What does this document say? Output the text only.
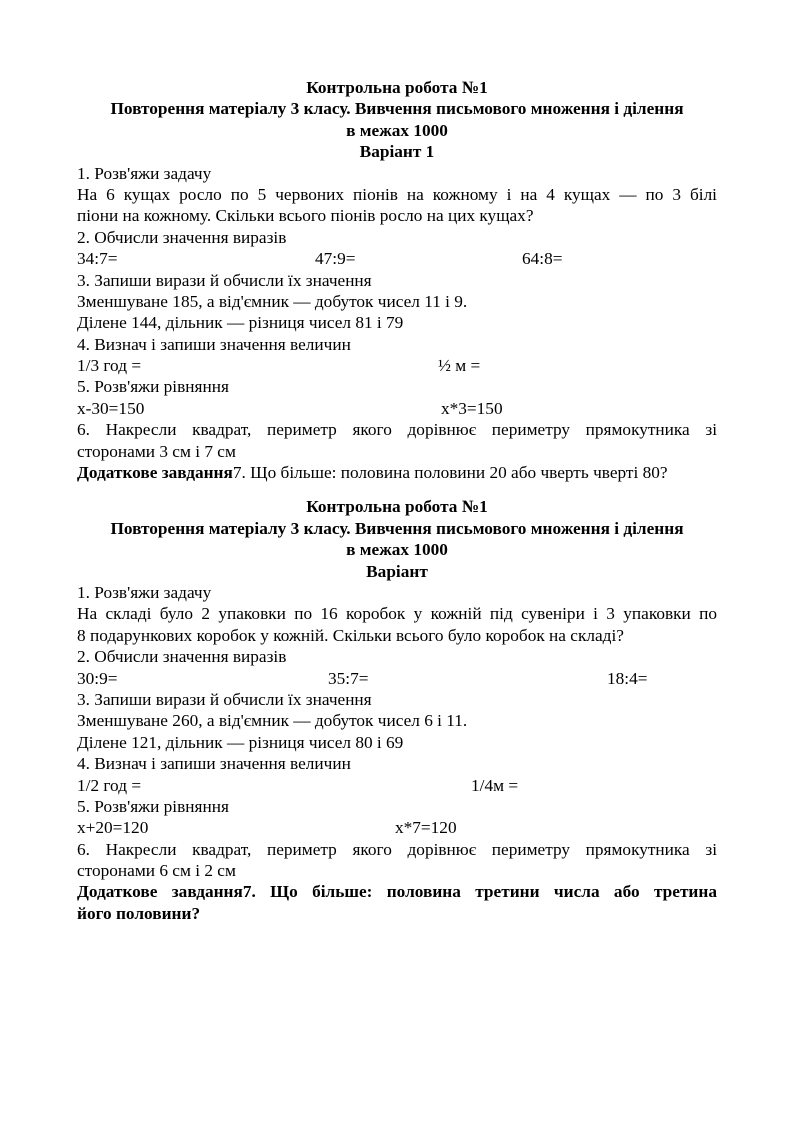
Контрольна робота №1
Повторення матеріалу 3 класу. Вивчення письмового множення і ділення
в межах 1000
Варіант 1
1. Розв'яжи задачу
На 6 кущах росло по 5 червоних піонів на кожному і на 4 кущах — по 3 білі
піони на кожному. Скільки всього піонів росло на цих кущах?
2. Обчисли значення виразів
34:7=	47:9=	64:8=
3. Запиши вирази й обчисли їх значення
Зменшуване 185, а від'ємник — добуток чисел 11 і 9.
Ділене 144, дільник — різниця чисел 81 і 79
4. Визнач і запиши значення величин
1/3 год =	½ м =
5. Розв'яжи рівняння
х-30=150	х*3=150
6. Накресли квадрат, периметр якого дорівнює периметру прямокутника зі
сторонами 3 см і 7 см
Додаткове завдання7. Що більше: половина половини 20 або чверть чверті 80?
Контрольна робота №1
Повторення матеріалу 3 класу. Вивчення письмового множення і ділення
в межах 1000
Варіант
1. Розв'яжи задачу
На складі було 2 упаковки по 16 коробок у кожній під сувеніри і 3 упаковки по
8 подарункових коробок у кожній. Скільки всього було коробок на складі?
2. Обчисли значення виразів
30:9=	35:7=	18:4=
3. Запиши вирази й обчисли їх значення
Зменшуване 260, а від'ємник — добуток чисел 6 і 11.
Ділене 121, дільник — різниця чисел 80 і 69
4. Визнач і запиши значення величин
1/2 год =	1/4м =
5. Розв'яжи рівняння
х+20=120	х*7=120
6. Накресли квадрат, периметр якого дорівнює периметру прямокутника зі
сторонами 6 см і 2 см
Додаткове завдання7. Що більше: половина третини числа або третина
його половини?
